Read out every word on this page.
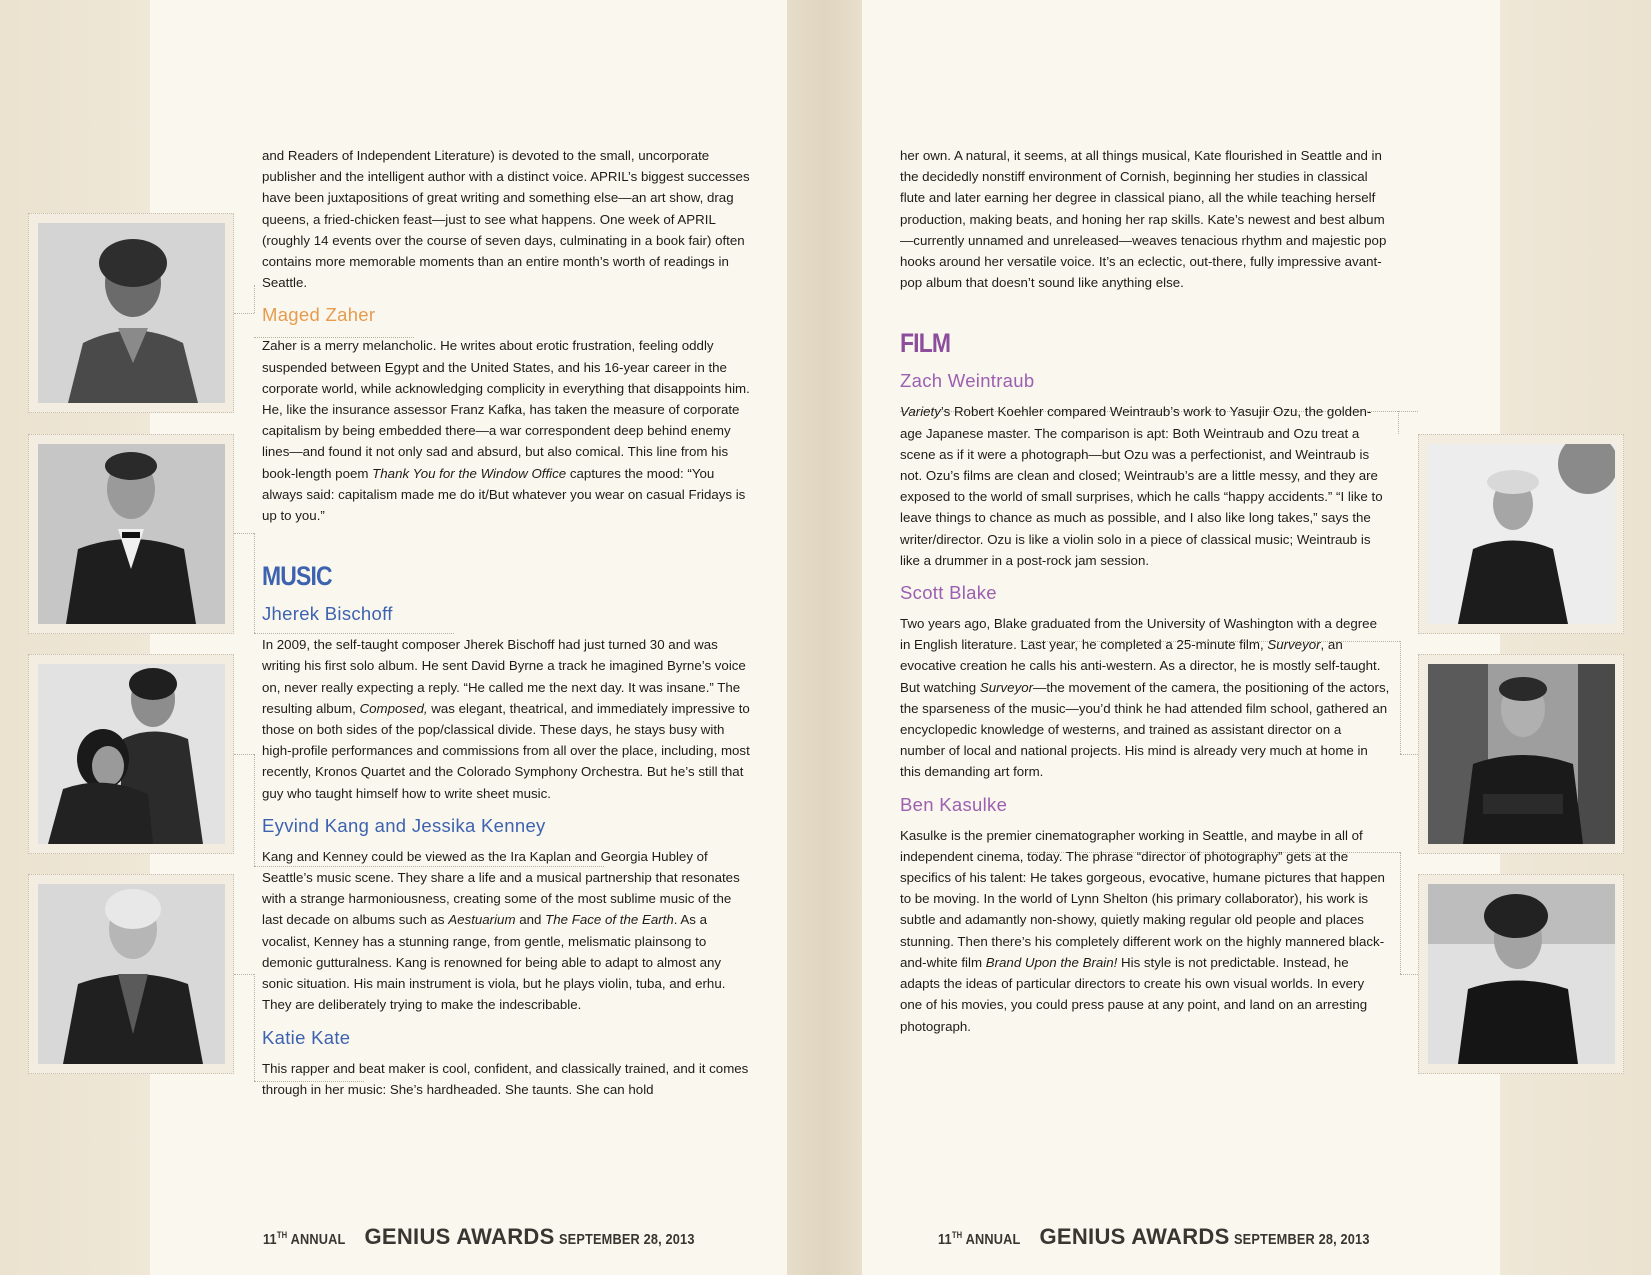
and Readers of Independent Literature) is devoted to the small, uncorporate publisher and the intelligent author with a distinct voice. APRIL’s biggest successes have been juxtapositions of great writing and something else—an art show, drag queens, a fried-chicken feast—just to see what happens. One week of APRIL (roughly 14 events over the course of seven days, culminating in a book fair) often contains more memorable moments than an entire month’s worth of readings in Seattle.

Maged Zaher

Zaher is a merry melancholic. He writes about erotic frustration, feeling oddly suspended between Egypt and the United States, and his 16-year career in the corporate world, while acknowledging complicity in everything that disappoints him. He, like the insurance assessor Franz Kafka, has taken the measure of corporate capitalism by being embedded there—a war correspondent deep behind enemy lines—and found it not only sad and absurd, but also comical. This line from his book-length poem Thank You for the Window Office captures the mood: “You always said: capitalism made me do it/But whatever you wear on casual Fridays is up to you.”

MUSIC
Jherek Bischoff

In 2009, the self-taught composer Jherek Bischoff had just turned 30 and was writing his first solo album. He sent David Byrne a track he imagined Byrne’s voice on, never really expecting a reply. “He called me the next day. It was insane.” The resulting album, Composed, was elegant, theatrical, and immediately impressive to those on both sides of the pop/classical divide. These days, he stays busy with high-profile performances and commissions from all over the place, including, most recently, Kronos Quartet and the Colorado Symphony Orchestra. But he’s still that guy who taught himself how to write sheet music.

Eyvind Kang and Jessika Kenney

Kang and Kenney could be viewed as the Ira Kaplan and Georgia Hubley of Seattle’s music scene. They share a life and a musical partnership that resonates with a strange harmoniousness, creating some of the most sublime music of the last decade on albums such as Aestuarium and The Face of the Earth. As a vocalist, Kenney has a stunning range, from gentle, melismatic plainsong to demonic gutturalness. Kang is renowned for being able to adapt to almost any sonic situation. His main instrument is viola, but he plays violin, tuba, and erhu. They are deliberately trying to make the indescribable.

Katie Kate

This rapper and beat maker is cool, confident, and classically trained, and it comes through in her music: She’s hardheaded. She taunts. She can hold

11TH ANNUAL GENIUS AWARDS SEPTEMBER 28, 2013

her own. A natural, it seems, at all things musical, Kate flourished in Seattle and in the decidedly nonstiff environment of Cornish, beginning her studies in classical flute and later earning her degree in classical piano, all the while teaching herself production, making beats, and honing her rap skills. Kate’s newest and best album—currently unnamed and unreleased—weaves tenacious rhythm and majestic pop hooks around her versatile voice. It’s an eclectic, out-there, fully impressive avant-pop album that doesn’t sound like anything else.

FILM
Zach Weintraub

Variety’s Robert Koehler compared Weintraub’s work to Yasujir Ozu, the golden-age Japanese master. The comparison is apt: Both Weintraub and Ozu treat a scene as if it were a photograph—but Ozu was a perfectionist, and Weintraub is not. Ozu’s films are clean and closed; Weintraub’s are a little messy, and they are exposed to the world of small surprises, which he calls “happy accidents.” “I like to leave things to chance as much as possible, and I also like long takes,” says the writer/director. Ozu is like a violin solo in a piece of classical music; Weintraub is like a drummer in a post-rock jam session.

Scott Blake

Two years ago, Blake graduated from the University of Washington with a degree in English literature. Last year, he completed a 25-minute film, Surveyor, an evocative creation he calls his anti-western. As a director, he is mostly self-taught. But watching Surveyor—the movement of the camera, the positioning of the actors, the sparseness of the music—you’d think he had attended film school, gathered an encyclopedic knowledge of westerns, and trained as assistant director on a number of local and national projects. His mind is already very much at home in this demanding art form.

Ben Kasulke

Kasulke is the premier cinematographer working in Seattle, and maybe in all of independent cinema, today. The phrase “director of photography” gets at the specifics of his talent: He takes gorgeous, evocative, humane pictures that happen to be moving. In the world of Lynn Shelton (his primary collaborator), his work is subtle and adamantly non-showy, quietly making regular old people and places stunning. Then there’s his completely different work on the highly mannered black-and-white film Brand Upon the Brain! His style is not predictable. Instead, he adapts the ideas of particular directors to create his own visual worlds. In every one of his movies, you could press pause at any point, and land on an arresting photograph.

11TH ANNUAL GENIUS AWARDS SEPTEMBER 28, 2013
